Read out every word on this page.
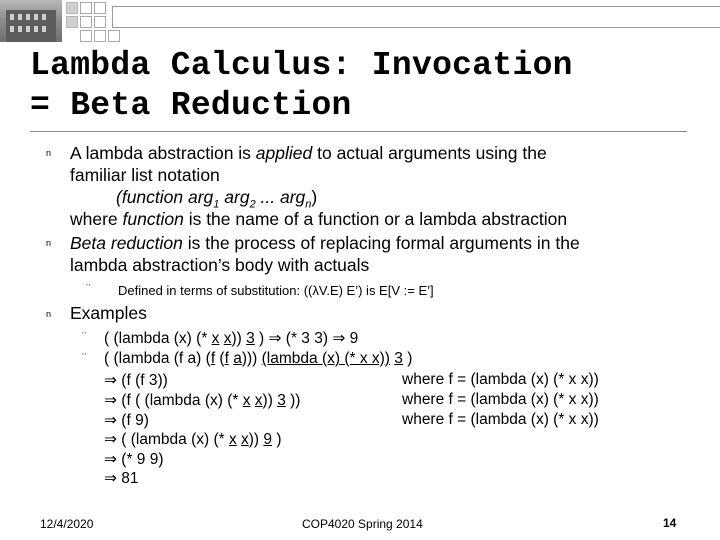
Lambda Calculus: Invocation
= Beta Reduction
n A lambda abstraction is applied to actual arguments using the
familiar list notation
(function arg$_1$ arg$_2$ ... arg$_n$)
where function is the name of a function or a lambda abstraction
n Beta reduction is the process of replacing formal arguments in the
lambda abstraction’s body with actuals
¨ Defined in terms of substitution: ((λV.E) E’) is E[V := E’]
n Examples
¨ ( (lambda (x) (* x x)) 3 ) ⇒ (* 3 3) ⇒ 9
¨ ( (lambda (f a) (f (f a))) (lambda (x) (* x x)) 3 )
⇒ (f (f 3))
⇒ (f ( (lambda (x) (* x x)) 3 ))
⇒ (f 9)
⇒ ( (lambda (x) (* x x)) 9 )
⇒ (* 9 9)
⇒ 81
where f = (lambda (x) (* x x))
where f = (lambda (x) (* x x))
where f = (lambda (x) (* x x))
12/4/2020	COP4020 Spring 2014	14
